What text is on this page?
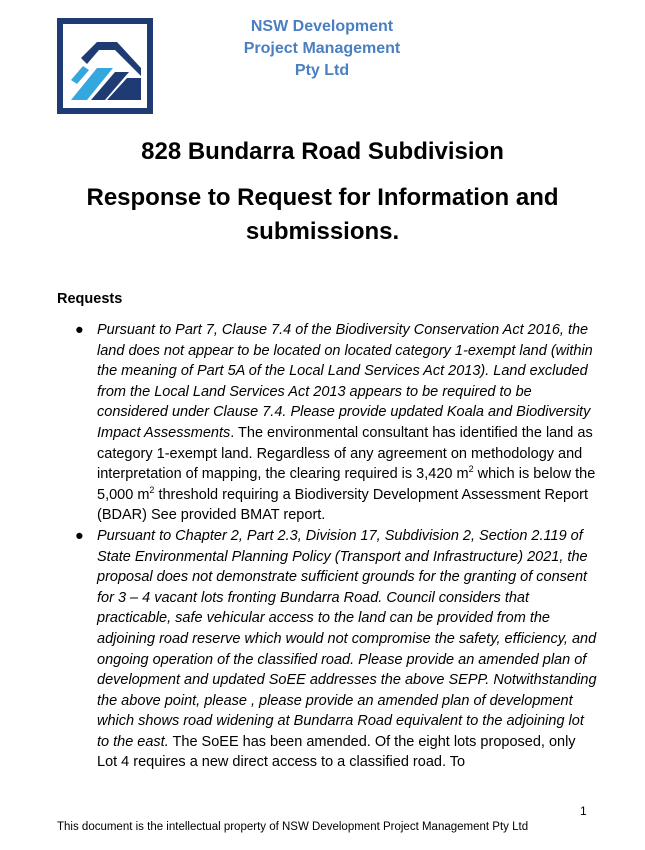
NSW Development
Project Management
Pty Ltd
828 Bundarra Road Subdivision
Response to Request for Information and
submissions.
Requests
● Pursuant to Part 7, Clause 7.4 of the Biodiversity Conservation Act 2016, the land does not appear to be located on located category 1-exempt land (within the meaning of Part 5A of the Local Land Services Act 2013). Land excluded from the Local Land Services Act 2013 appears to be required to be considered under Clause 7.4. Please provide updated Koala and Biodiversity Impact Assessments. The environmental consultant has identified the land as category 1-exempt land. Regardless of any agreement on methodology and interpretation of mapping, the clearing required is 3,420 $m^2$ which is below the 5,000 $m^2$ threshold requiring a Biodiversity Development Assessment Report (BDAR) See provided BMAT report.
● Pursuant to Chapter 2, Part 2.3, Division 17, Subdivision 2, Section 2.119 of State Environmental Planning Policy (Transport and Infrastructure) 2021, the proposal does not demonstrate sufficient grounds for the granting of consent for 3 – 4 vacant lots fronting Bundarra Road. Council considers that practicable, safe vehicular access to the land can be provided from the adjoining road reserve which would not compromise the safety, efficiency, and ongoing operation of the classified road. Please provide an amended plan of development and updated SoEE addresses the above SEPP. Notwithstanding the above point, please , please provide an amended plan of development which shows road widening at Bundarra Road equivalent to the adjoining lot to the east. The SoEE has been amended. Of the eight lots proposed, only Lot 4 requires a new direct access to a classified road. To
1
This document is the intellectual property of NSW Development Project Management Pty Ltd
